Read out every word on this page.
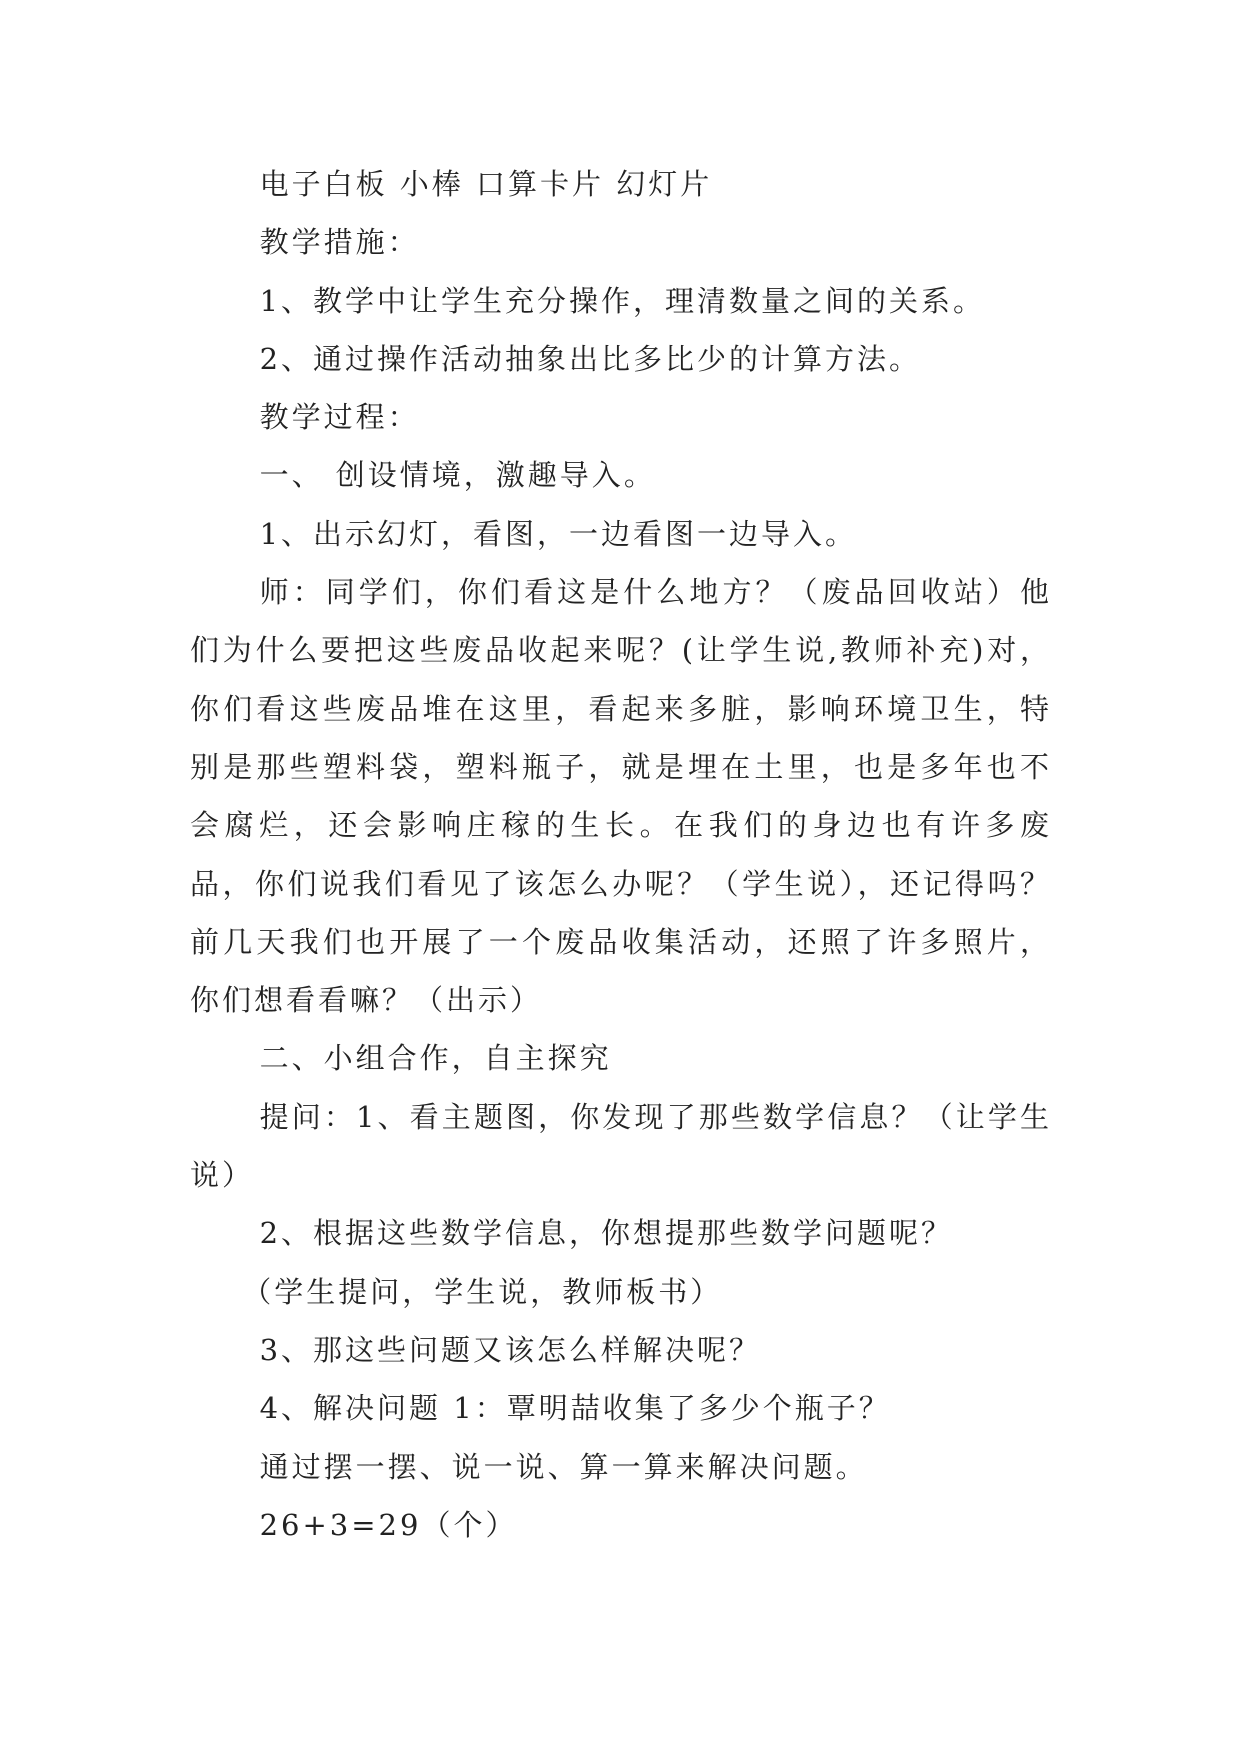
电子白板 小棒 口算卡片 幻灯片

教学措施：

1、教学中让学生充分操作，理清数量之间的关系。

2、通过操作活动抽象出比多比少的计算方法。

教学过程：

一、 创设情境，激趣导入。

1、出示幻灯，看图，一边看图一边导入。

师：同学们，你们看这是什么地方？（废品回收站）他们为什么要把这些废品收起来呢？(让学生说,教师补充)对，你们看这些废品堆在这里，看起来多脏，影响环境卫生，特别是那些塑料袋，塑料瓶子，就是埋在土里，也是多年也不会腐烂，还会影响庄稼的生长。在我们的身边也有许多废品，你们说我们看见了该怎么办呢？（学生说），还记得吗？前几天我们也开展了一个废品收集活动，还照了许多照片，你们想看看嘛？（出示）

二、小组合作，自主探究

提问：1、看主题图，你发现了那些数学信息？（让学生说）

2、根据这些数学信息，你想提那些数学问题呢？

（学生提问，学生说，教师板书）

3、那这些问题又该怎么样解决呢？

4、解决问题 1：覃明喆收集了多少个瓶子？

通过摆一摆、说一说、算一算来解决问题。

26+3=29（个）
